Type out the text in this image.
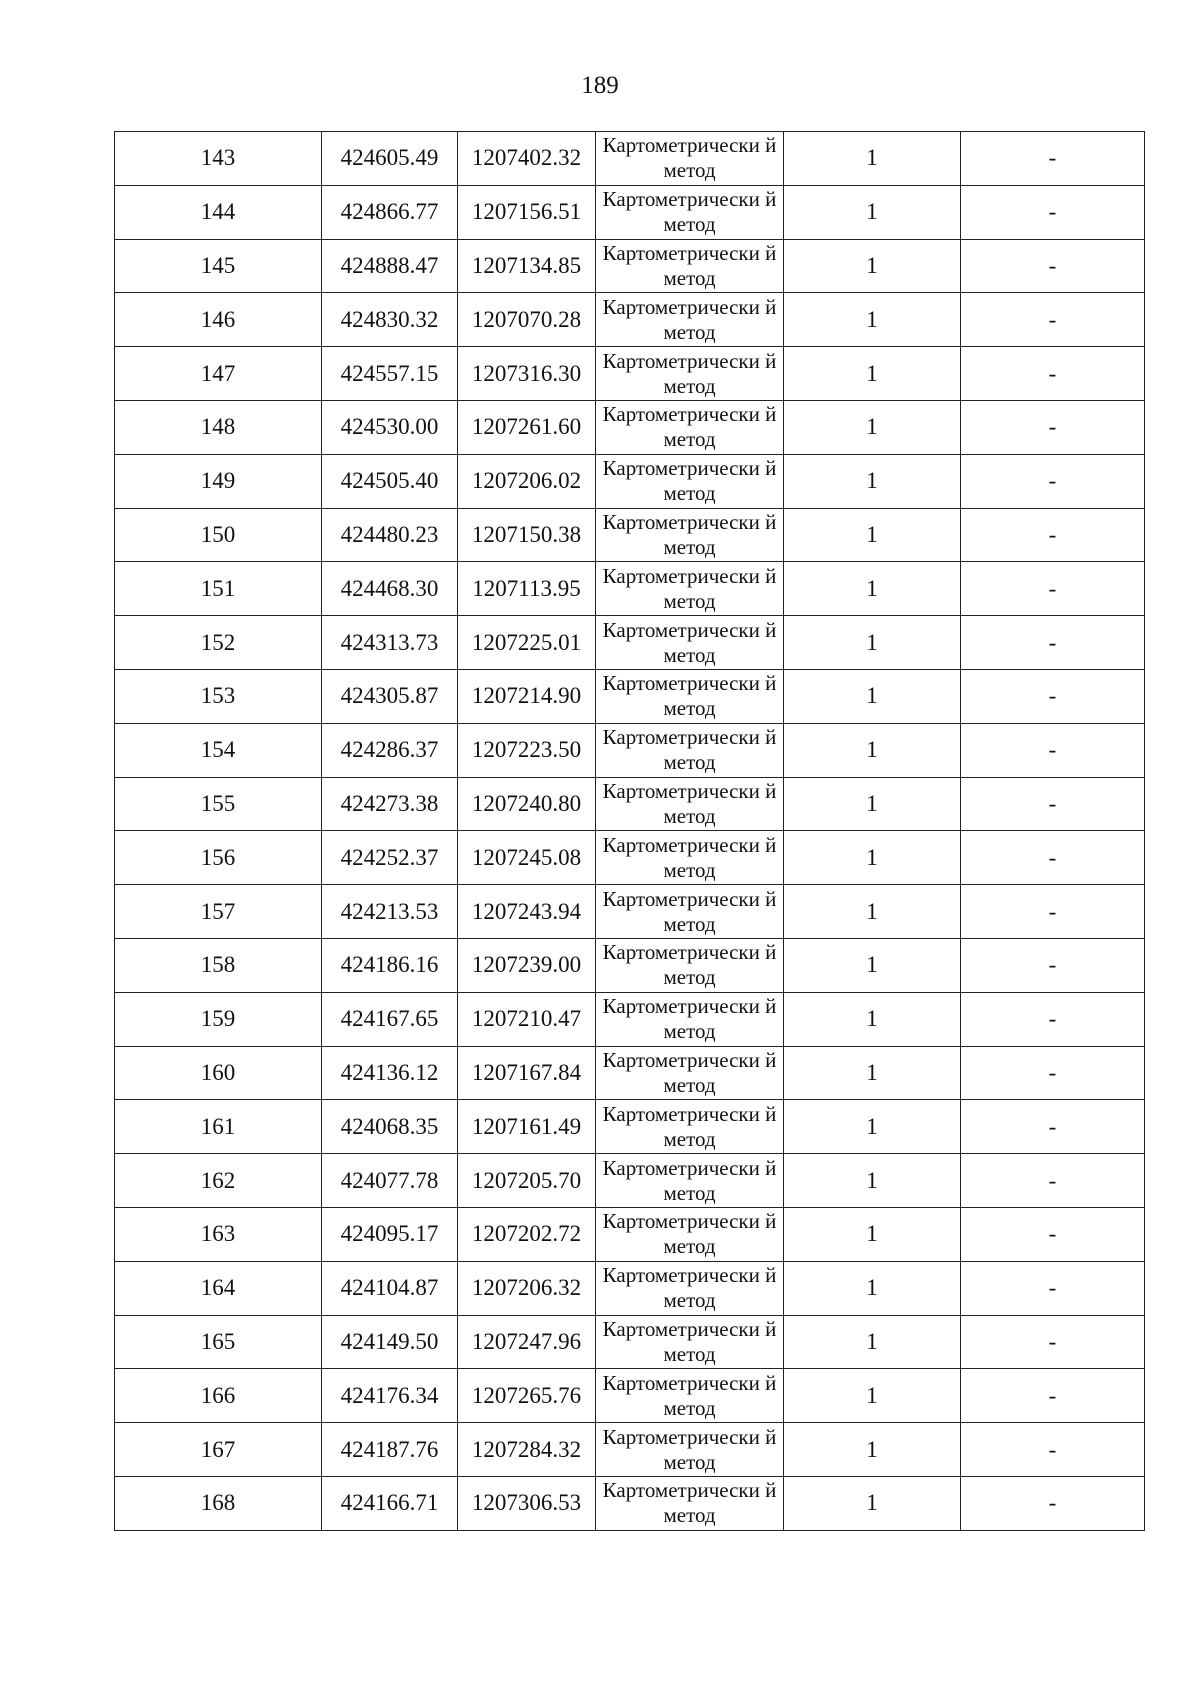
189
143	424605.49	1207402.32	Картометрически й метод	1	-
144	424866.77	1207156.51	Картометрически й метод	1	-
145	424888.47	1207134.85	Картометрически й метод	1	-
146	424830.32	1207070.28	Картометрически й метод	1	-
147	424557.15	1207316.30	Картометрически й метод	1	-
148	424530.00	1207261.60	Картометрически й метод	1	-
149	424505.40	1207206.02	Картометрически й метод	1	-
150	424480.23	1207150.38	Картометрически й метод	1	-
151	424468.30	1207113.95	Картометрически й метод	1	-
152	424313.73	1207225.01	Картометрически й метод	1	-
153	424305.87	1207214.90	Картометрически й метод	1	-
154	424286.37	1207223.50	Картометрически й метод	1	-
155	424273.38	1207240.80	Картометрически й метод	1	-
156	424252.37	1207245.08	Картометрически й метод	1	-
157	424213.53	1207243.94	Картометрически й метод	1	-
158	424186.16	1207239.00	Картометрически й метод	1	-
159	424167.65	1207210.47	Картометрически й метод	1	-
160	424136.12	1207167.84	Картометрически й метод	1	-
161	424068.35	1207161.49	Картометрически й метод	1	-
162	424077.78	1207205.70	Картометрически й метод	1	-
163	424095.17	1207202.72	Картометрически й метод	1	-
164	424104.87	1207206.32	Картометрически й метод	1	-
165	424149.50	1207247.96	Картометрически й метод	1	-
166	424176.34	1207265.76	Картометрически й метод	1	-
167	424187.76	1207284.32	Картометрически й метод	1	-
168	424166.71	1207306.53	Картометрически й метод	1	-
